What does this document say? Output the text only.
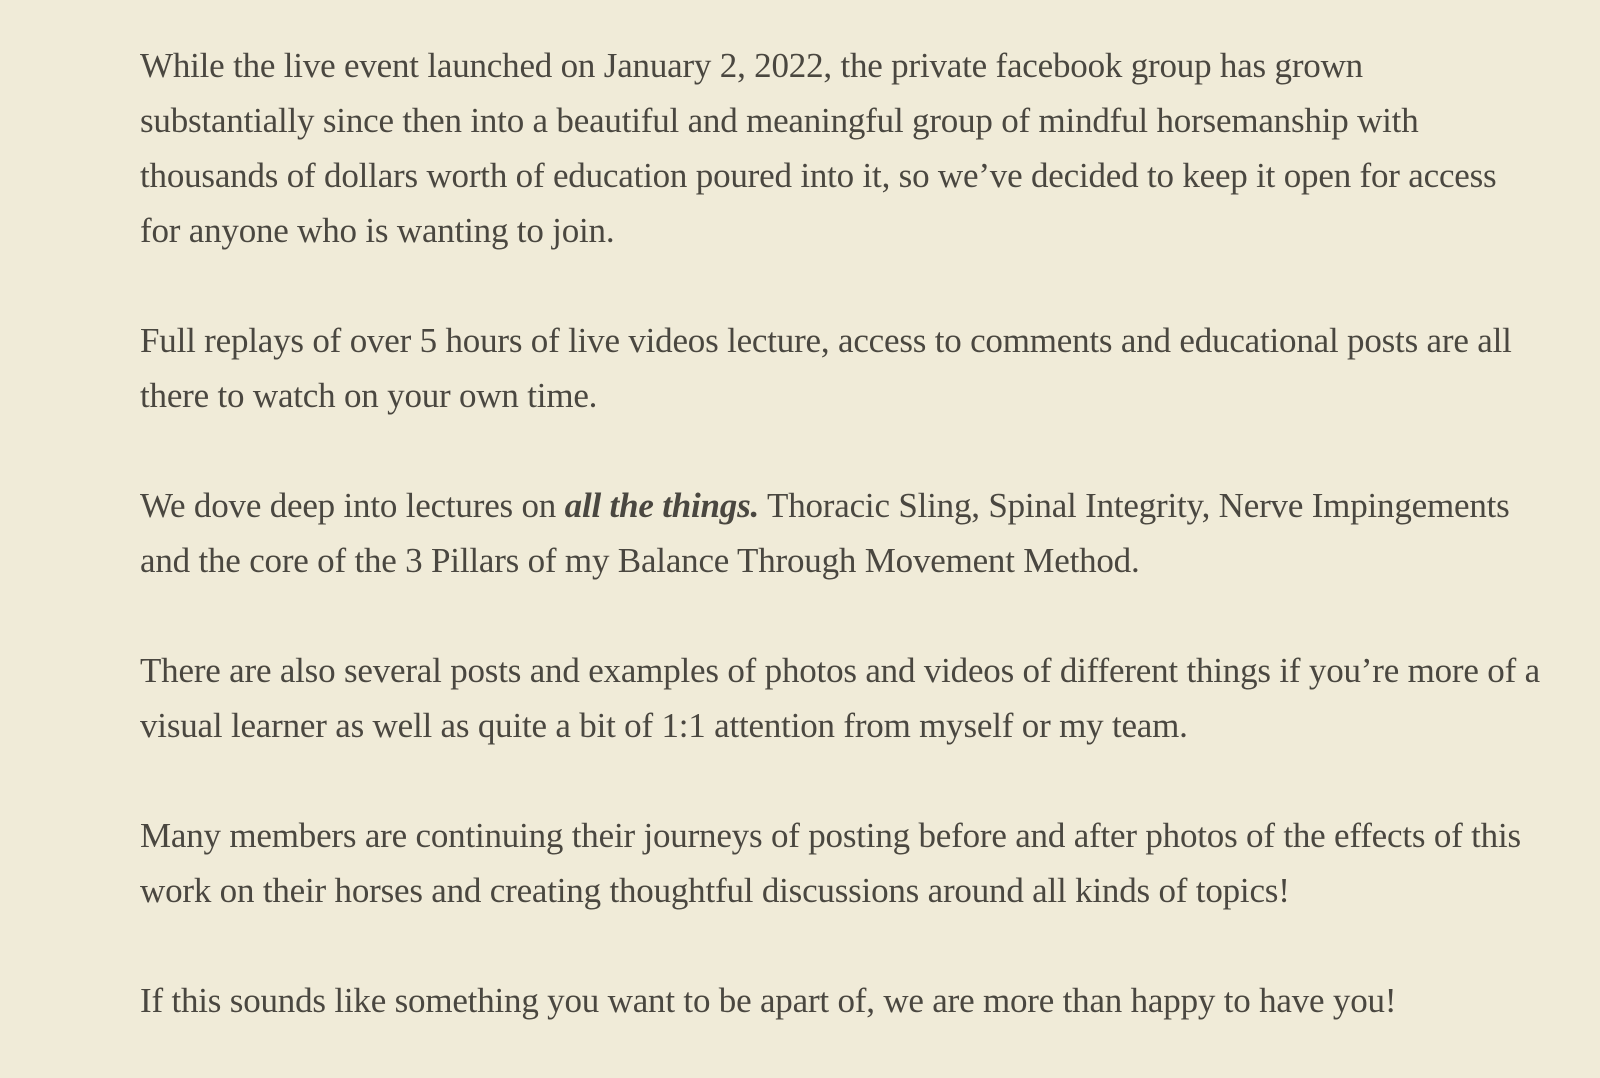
While the live event launched on January 2, 2022, the private facebook group has grown substantially since then into a beautiful and meaningful group of mindful horsemanship with thousands of dollars worth of education poured into it, so we’ve decided to keep it open for access for anyone who is wanting to join.

Full replays of over 5 hours of live videos lecture, access to comments and educational posts are all there to watch on your own time.

We dove deep into lectures on all the things. Thoracic Sling, Spinal Integrity, Nerve Impingements and the core of the 3 Pillars of my Balance Through Movement Method.

There are also several posts and examples of photos and videos of different things if you’re more of a visual learner as well as quite a bit of 1:1 attention from myself or my team.

Many members are continuing their journeys of posting before and after photos of the effects of this work on their horses and creating thoughtful discussions around all kinds of topics!

If this sounds like something you want to be apart of, we are more than happy to have you!
